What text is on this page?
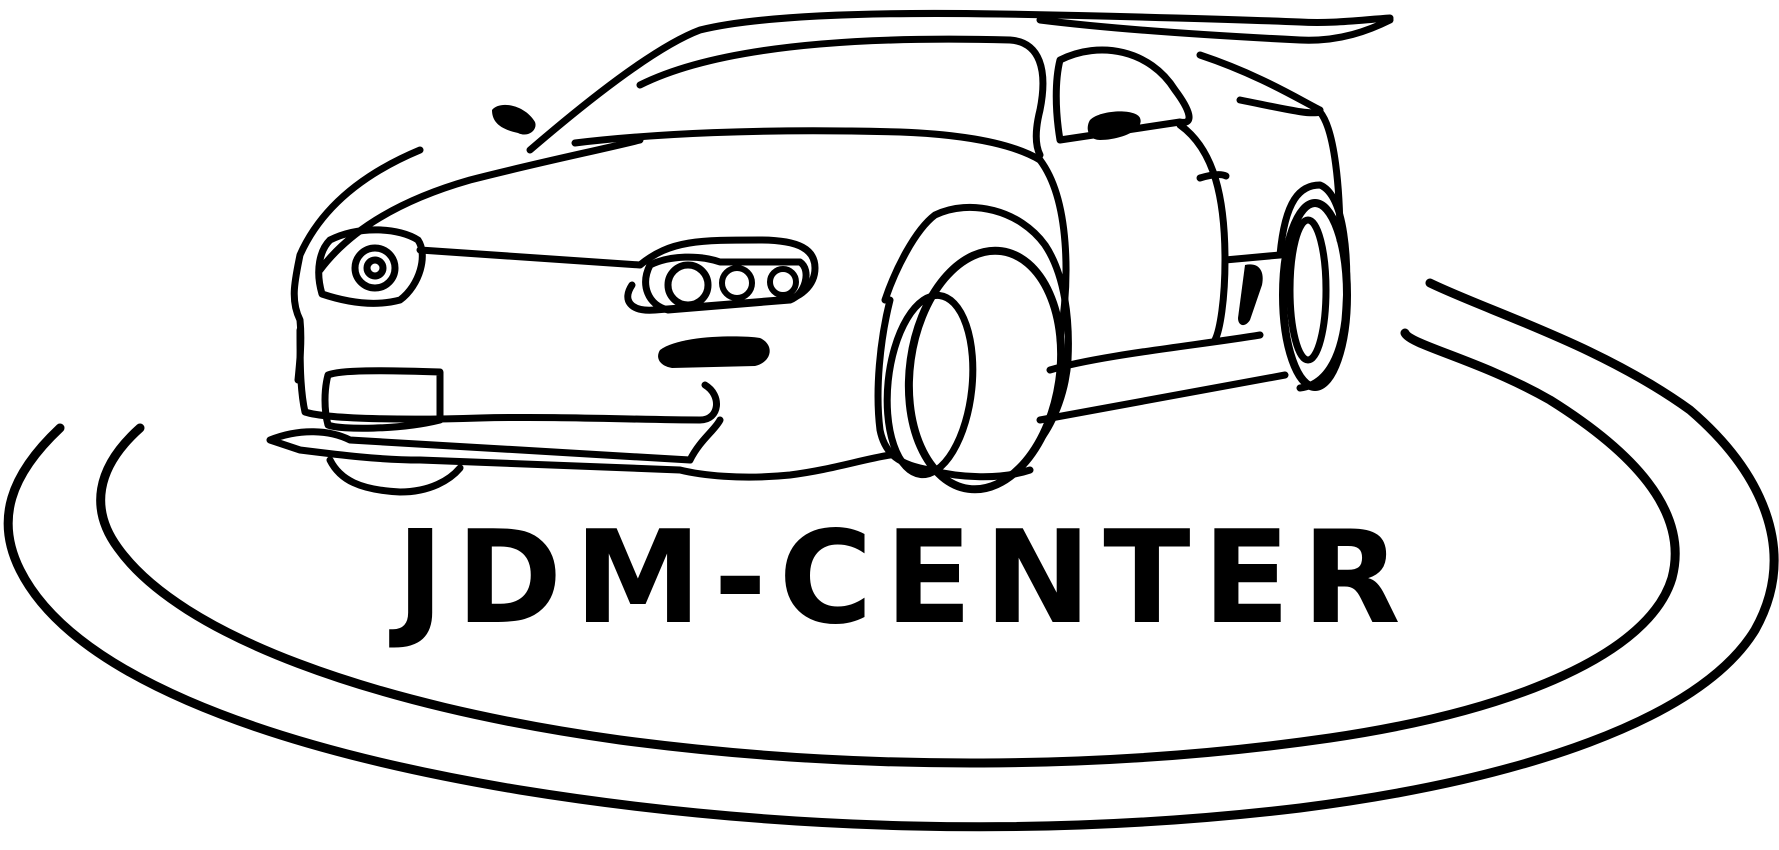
JDM-CENTER
